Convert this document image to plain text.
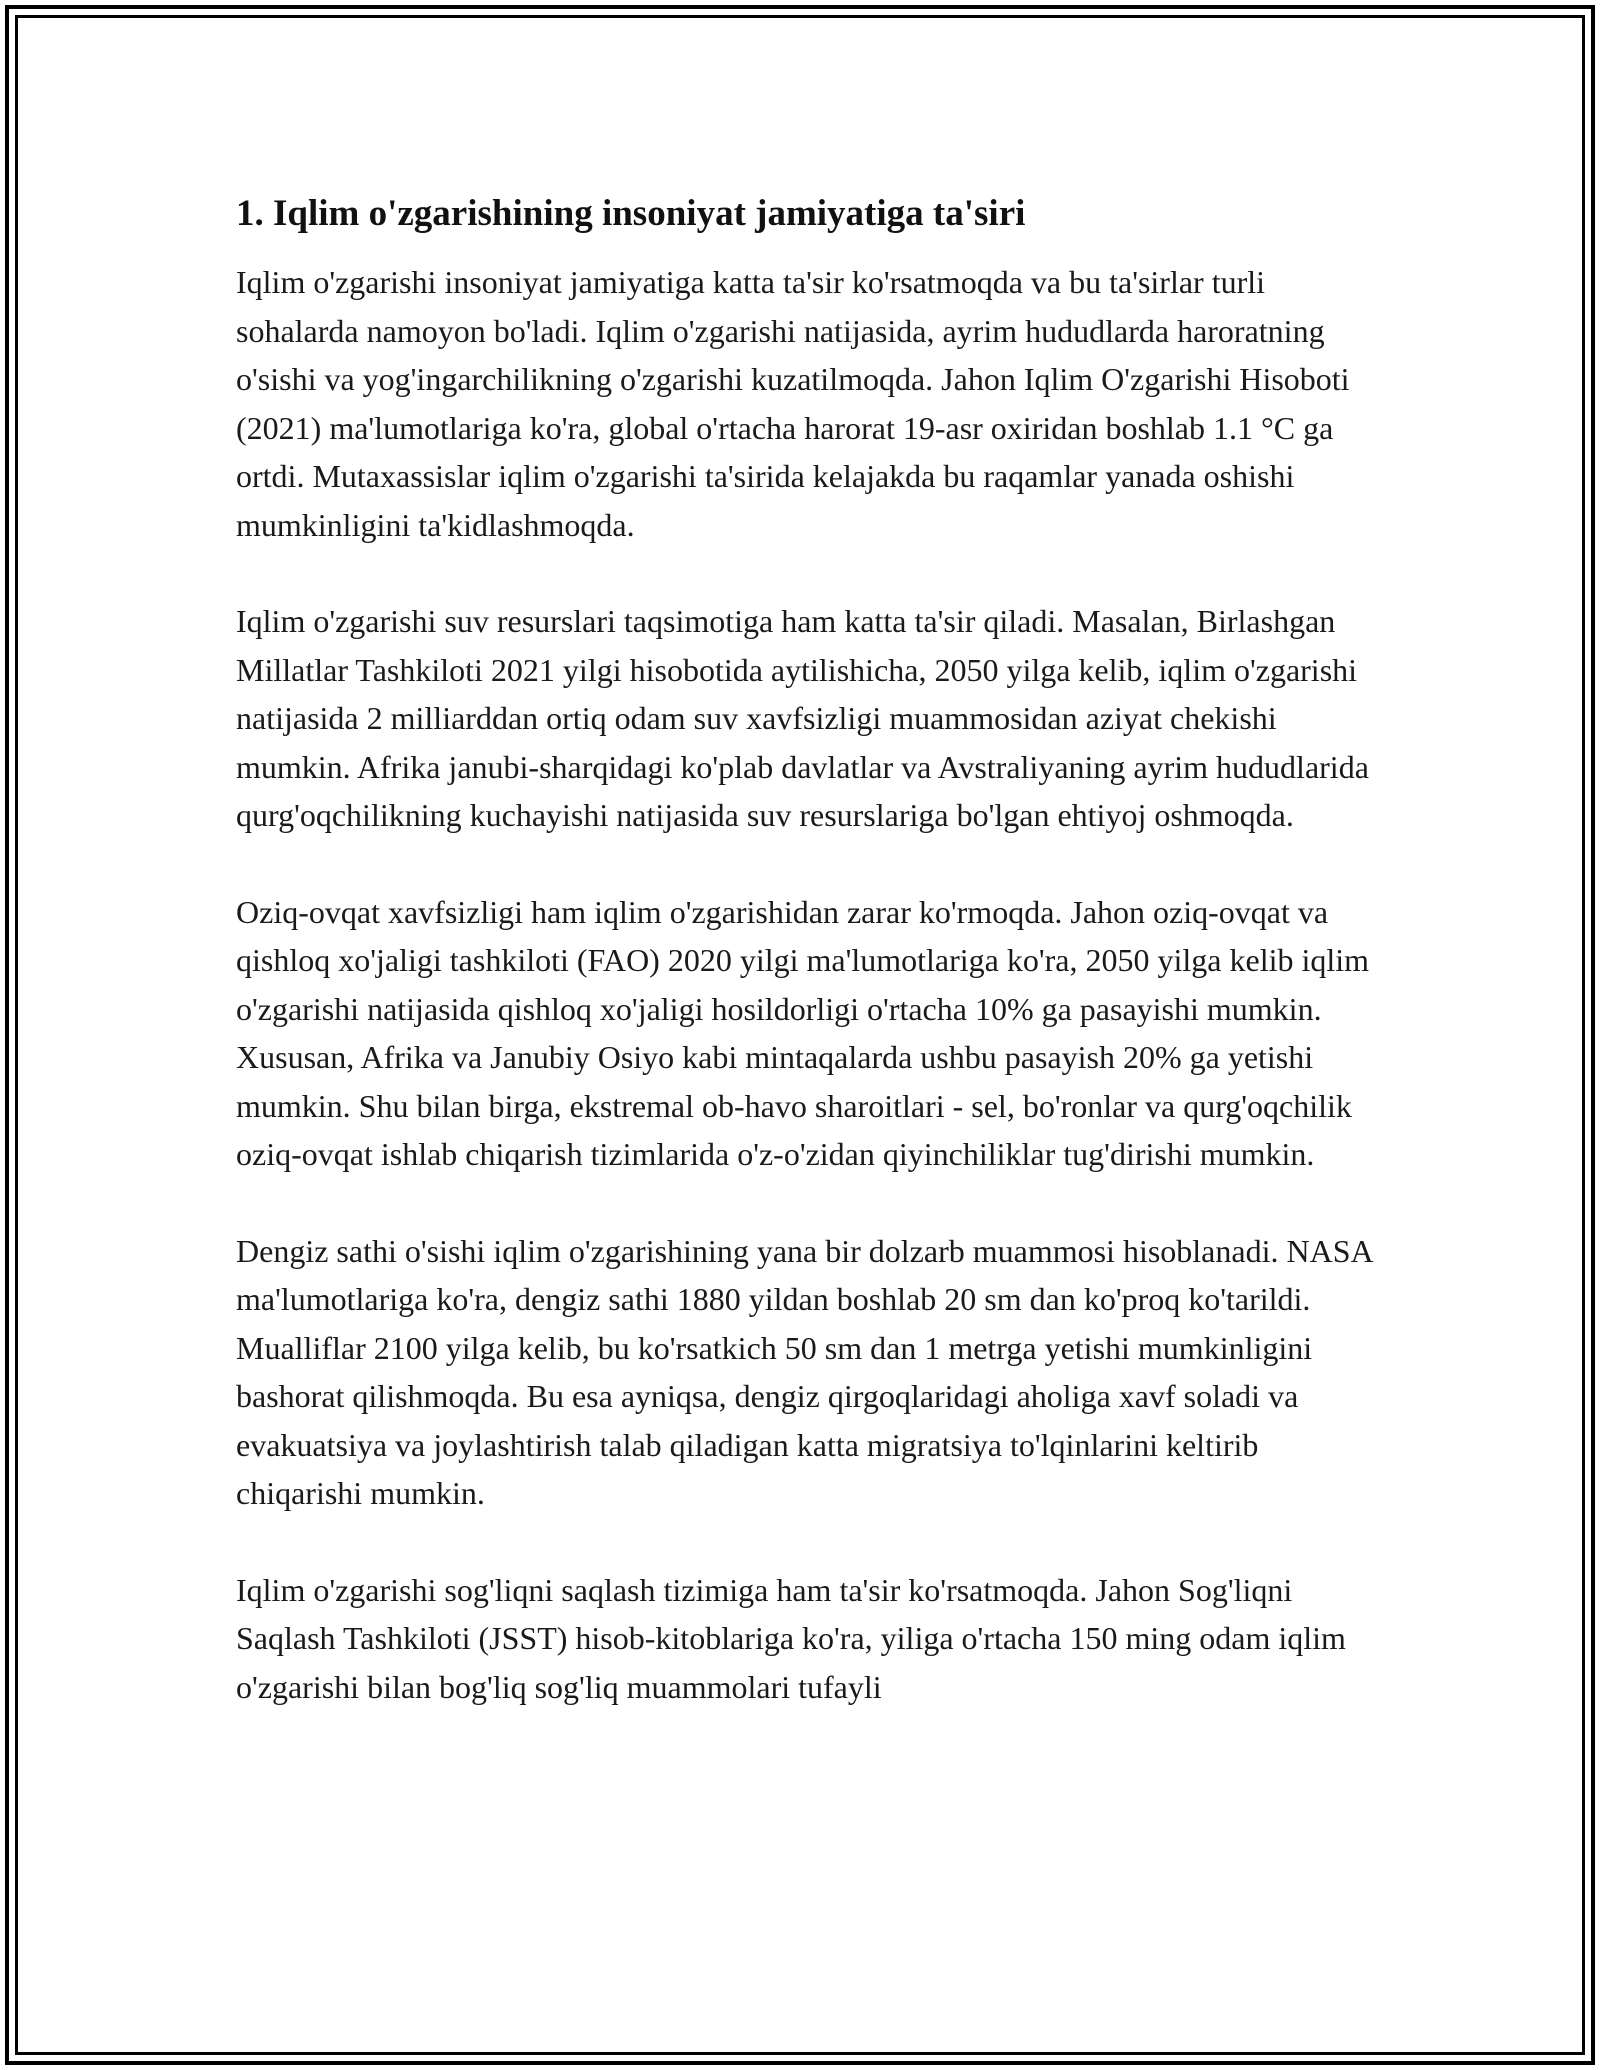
1. Iqlim o'zgarishining insoniyat jamiyatiga ta'siri

Iqlim o'zgarishi insoniyat jamiyatiga katta ta'sir ko'rsatmoqda va bu ta'sirlar turli sohalarda namoyon bo'ladi. Iqlim o'zgarishi natijasida, ayrim hududlarda haroratning o'sishi va yog'ingarchilikning o'zgarishi kuzatilmoqda. Jahon Iqlim O'zgarishi Hisoboti (2021) ma'lumotlariga ko'ra, global o'rtacha harorat 19-asr oxiridan boshlab 1.1 °C ga ortdi. Mutaxassislar iqlim o'zgarishi ta'sirida kelajakda bu raqamlar yanada oshishi mumkinligini ta'kidlashmoqda.

Iqlim o'zgarishi suv resurslari taqsimotiga ham katta ta'sir qiladi. Masalan, Birlashgan Millatlar Tashkiloti 2021 yilgi hisobotida aytilishicha, 2050 yilga kelib, iqlim o'zgarishi natijasida 2 milliarddan ortiq odam suv xavfsizligi muammosidan aziyat chekishi mumkin. Afrika janubi-sharqidagi ko'plab davlatlar va Avstraliyaning ayrim hududlarida qurg'oqchilikning kuchayishi natijasida suv resurslariga bo'lgan ehtiyoj oshmoqda.

Oziq-ovqat xavfsizligi ham iqlim o'zgarishidan zarar ko'rmoqda. Jahon oziq-ovqat va qishloq xo'jaligi tashkiloti (FAO) 2020 yilgi ma'lumotlariga ko'ra, 2050 yilga kelib iqlim o'zgarishi natijasida qishloq xo'jaligi hosildorligi o'rtacha 10% ga pasayishi mumkin. Xususan, Afrika va Janubiy Osiyo kabi mintaqalarda ushbu pasayish 20% ga yetishi mumkin. Shu bilan birga, ekstremal ob-havo sharoitlari - sel, bo'ronlar va qurg'oqchilik oziq-ovqat ishlab chiqarish tizimlarida o'z-o'zidan qiyinchiliklar tug'dirishi mumkin.

Dengiz sathi o'sishi iqlim o'zgarishining yana bir dolzarb muammosi hisoblanadi. NASA ma'lumotlariga ko'ra, dengiz sathi 1880 yildan boshlab 20 sm dan ko'proq ko'tarildi. Mualliflar 2100 yilga kelib, bu ko'rsatkich 50 sm dan 1 metrga yetishi mumkinligini bashorat qilishmoqda. Bu esa ayniqsa, dengiz qirgoqlaridagi aholiga xavf soladi va evakuatsiya va joylashtirish talab qiladigan katta migratsiya to'lqinlarini keltirib chiqarishi mumkin.

Iqlim o'zgarishi sog'liqni saqlash tizimiga ham ta'sir ko'rsatmoqda. Jahon Sog'liqni Saqlash Tashkiloti (JSST) hisob-kitoblariga ko'ra, yiliga o'rtacha 150 ming odam iqlim o'zgarishi bilan bog'liq sog'liq muammolari tufayli
